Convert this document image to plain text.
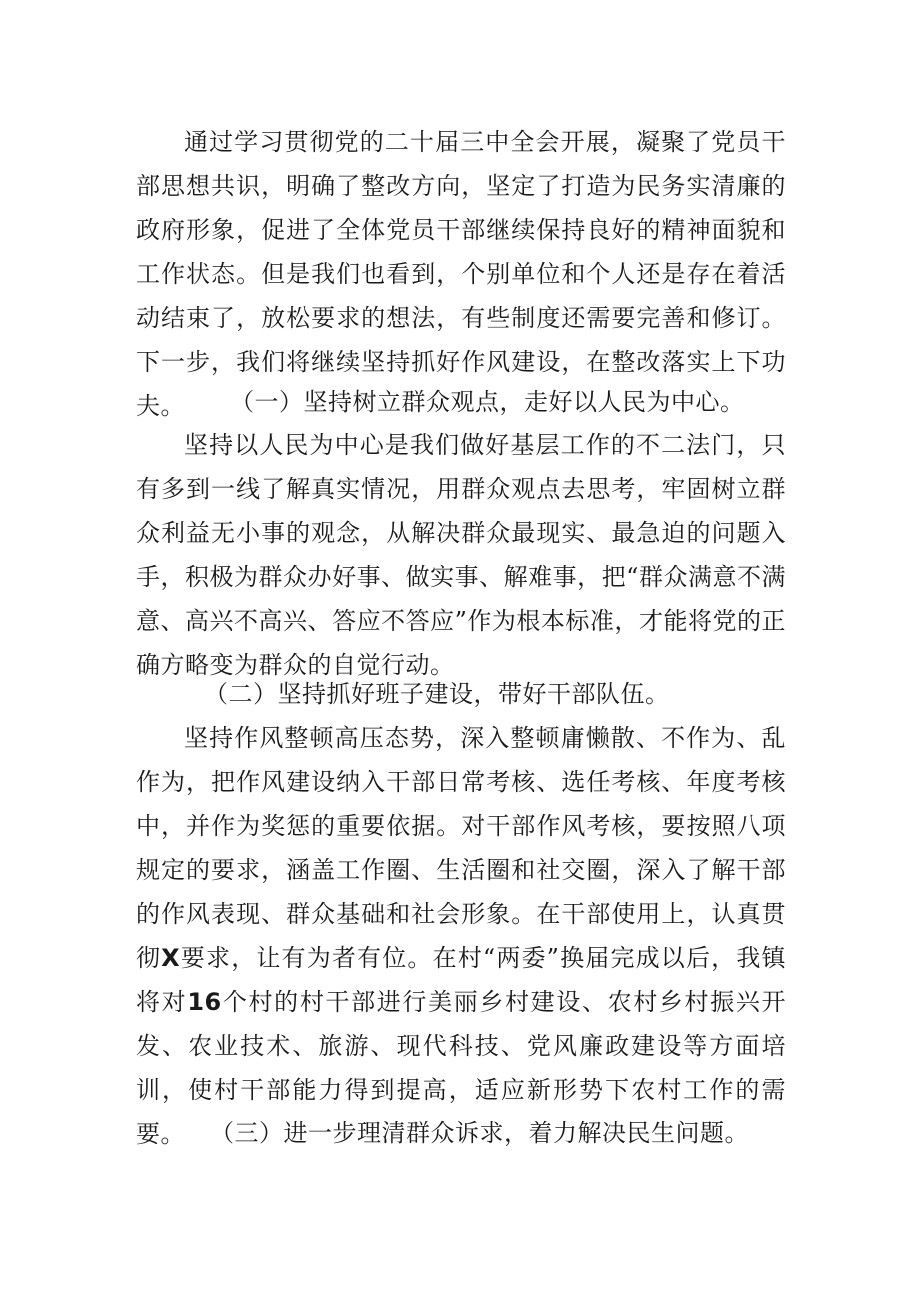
通过学习贯彻党的二十届三中全会开展，凝聚了党员干部思想共识，明确了整改方向，坚定了打造为民务实清廉的政府形象，促进了全体党员干部继续保持良好的精神面貌和工作状态。但是我们也看到，个别单位和个人还是存在着活动结束了，放松要求的想法，有些制度还需要完善和修订。下一步，我们将继续坚持抓好作风建设，在整改落实上下功夫。	（一）坚持树立群众观点，走好以人民为中心。

坚持以人民为中心是我们做好基层工作的不二法门，只有多到一线了解真实情况，用群众观点去思考，牢固树立群众利益无小事的观念，从解决群众最现实、最急迫的问题入手，积极为群众办好事、做实事、解难事，把“群众满意不满意、高兴不高兴、答应不答应”作为根本标准，才能将党的正确方略变为群众的自觉行动。

（二）坚持抓好班子建设，带好干部队伍。

坚持作风整顿高压态势，深入整顿庸懒散、不作为、乱作为，把作风建设纳入干部日常考核、选任考核、年度考核中，并作为奖惩的重要依据。对干部作风考核，要按照八项规定的要求，涵盖工作圈、生活圈和社交圈，深入了解干部的作风表现、群众基础和社会形象。在干部使用上，认真贯彻X要求，让有为者有位。在村“两委”换届完成以后，我镇将对16个村的村干部进行美丽乡村建设、农村乡村振兴开发、农业技术、旅游、现代科技、党风廉政建设等方面培训，使村干部能力得到提高，适应新形势下农村工作的需要。	（三）进一步理清群众诉求，着力解决民生问题。
